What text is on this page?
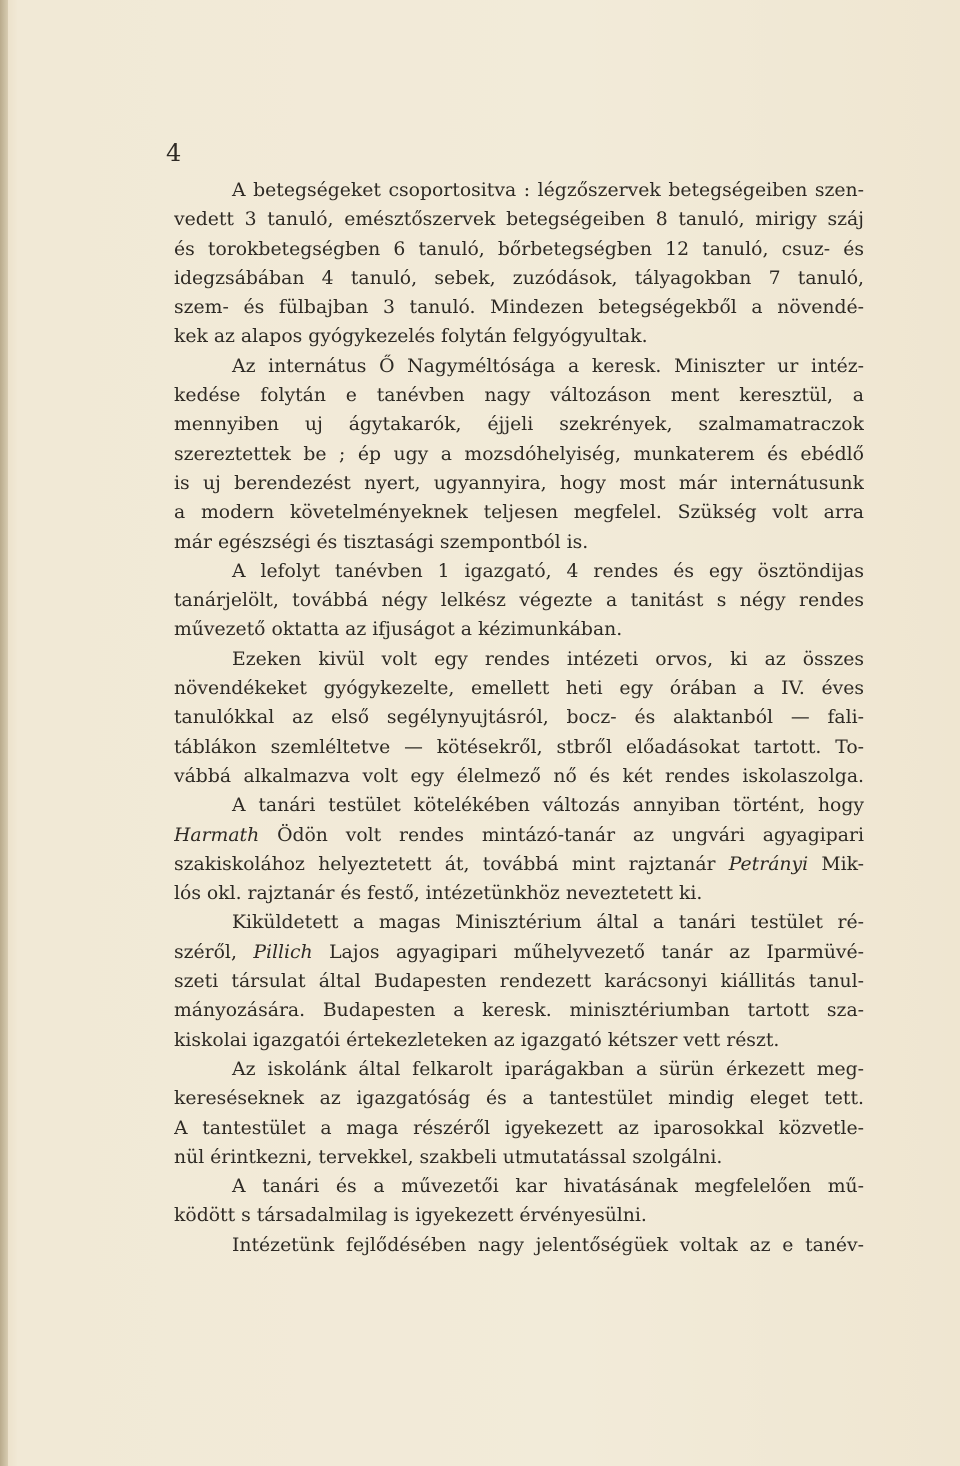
4
A betegségeket csoportositva : légzőszervek betegségeiben szen-
vedett 3 tanuló, emésztőszervek betegségeiben 8 tanuló, mirigy száj
és torokbetegségben 6 tanuló, bőrbetegségben 12 tanuló, csuz- és
idegzsábában 4 tanuló, sebek, zuzódások, tályagokban 7 tanuló,
szem- és fülbajban 3 tanuló. Mindezen betegségekből a növendé-
kek az alapos gyógykezelés folytán felgyógyultak.
Az internátus Ő Nagyméltósága a keresk. Miniszter ur intéz-
kedése folytán e tanévben nagy változáson ment keresztül, a
mennyiben uj ágytakarók, éjjeli szekrények, szalmamatraczok
szereztettek be ; ép ugy a mozsdóhelyiség, munkaterem és ebédlő
is uj berendezést nyert, ugyannyira, hogy most már internátusunk
a modern követelményeknek teljesen megfelel. Szükség volt arra
már egészségi és tisztasági szempontból is.
A lefolyt tanévben 1 igazgató, 4 rendes és egy ösztöndijas
tanárjelölt, továbbá négy lelkész végezte a tanitást s négy rendes
művezető oktatta az ifjuságot a kézimunkában.
Ezeken kivül volt egy rendes intézeti orvos, ki az összes
növendékeket gyógykezelte, emellett heti egy órában a IV. éves
tanulókkal az első segélynyujtásról, bocz- és alaktanból — fali-
táblákon szemléltetve — kötésekről, stbről előadásokat tartott. To-
vábbá alkalmazva volt egy élelmező nő és két rendes iskolaszolga.
A tanári testület kötelékében változás annyiban történt, hogy
Harmath Ödön volt rendes mintázó-tanár az ungvári agyagipari
szakiskolához helyeztetett át, továbbá mint rajztanár Petrányi Mik-
lós okl. rajztanár és festő, intézetünkhöz neveztetett ki.
Kiküldetett a magas Minisztérium által a tanári testület ré-
széről, Pillich Lajos agyagipari műhelyvezető tanár az Iparmüvé-
szeti társulat által Budapesten rendezett karácsonyi kiállitás tanul-
mányozására. Budapesten a keresk. minisztériumban tartott sza-
kiskolai igazgatói értekezleteken az igazgató kétszer vett részt.
Az iskolánk által felkarolt iparágakban a sürün érkezett meg-
kereséseknek az igazgatóság és a tantestület mindig eleget tett.
A tantestület a maga részéről igyekezett az iparosokkal közvetle-
nül érintkezni, tervekkel, szakbeli utmutatással szolgálni.
A tanári és a művezetői kar hivatásának megfelelően mű-
ködött s társadalmilag is igyekezett érvényesülni.
Intézetünk fejlődésében nagy jelentőségüek voltak az e tanév-
